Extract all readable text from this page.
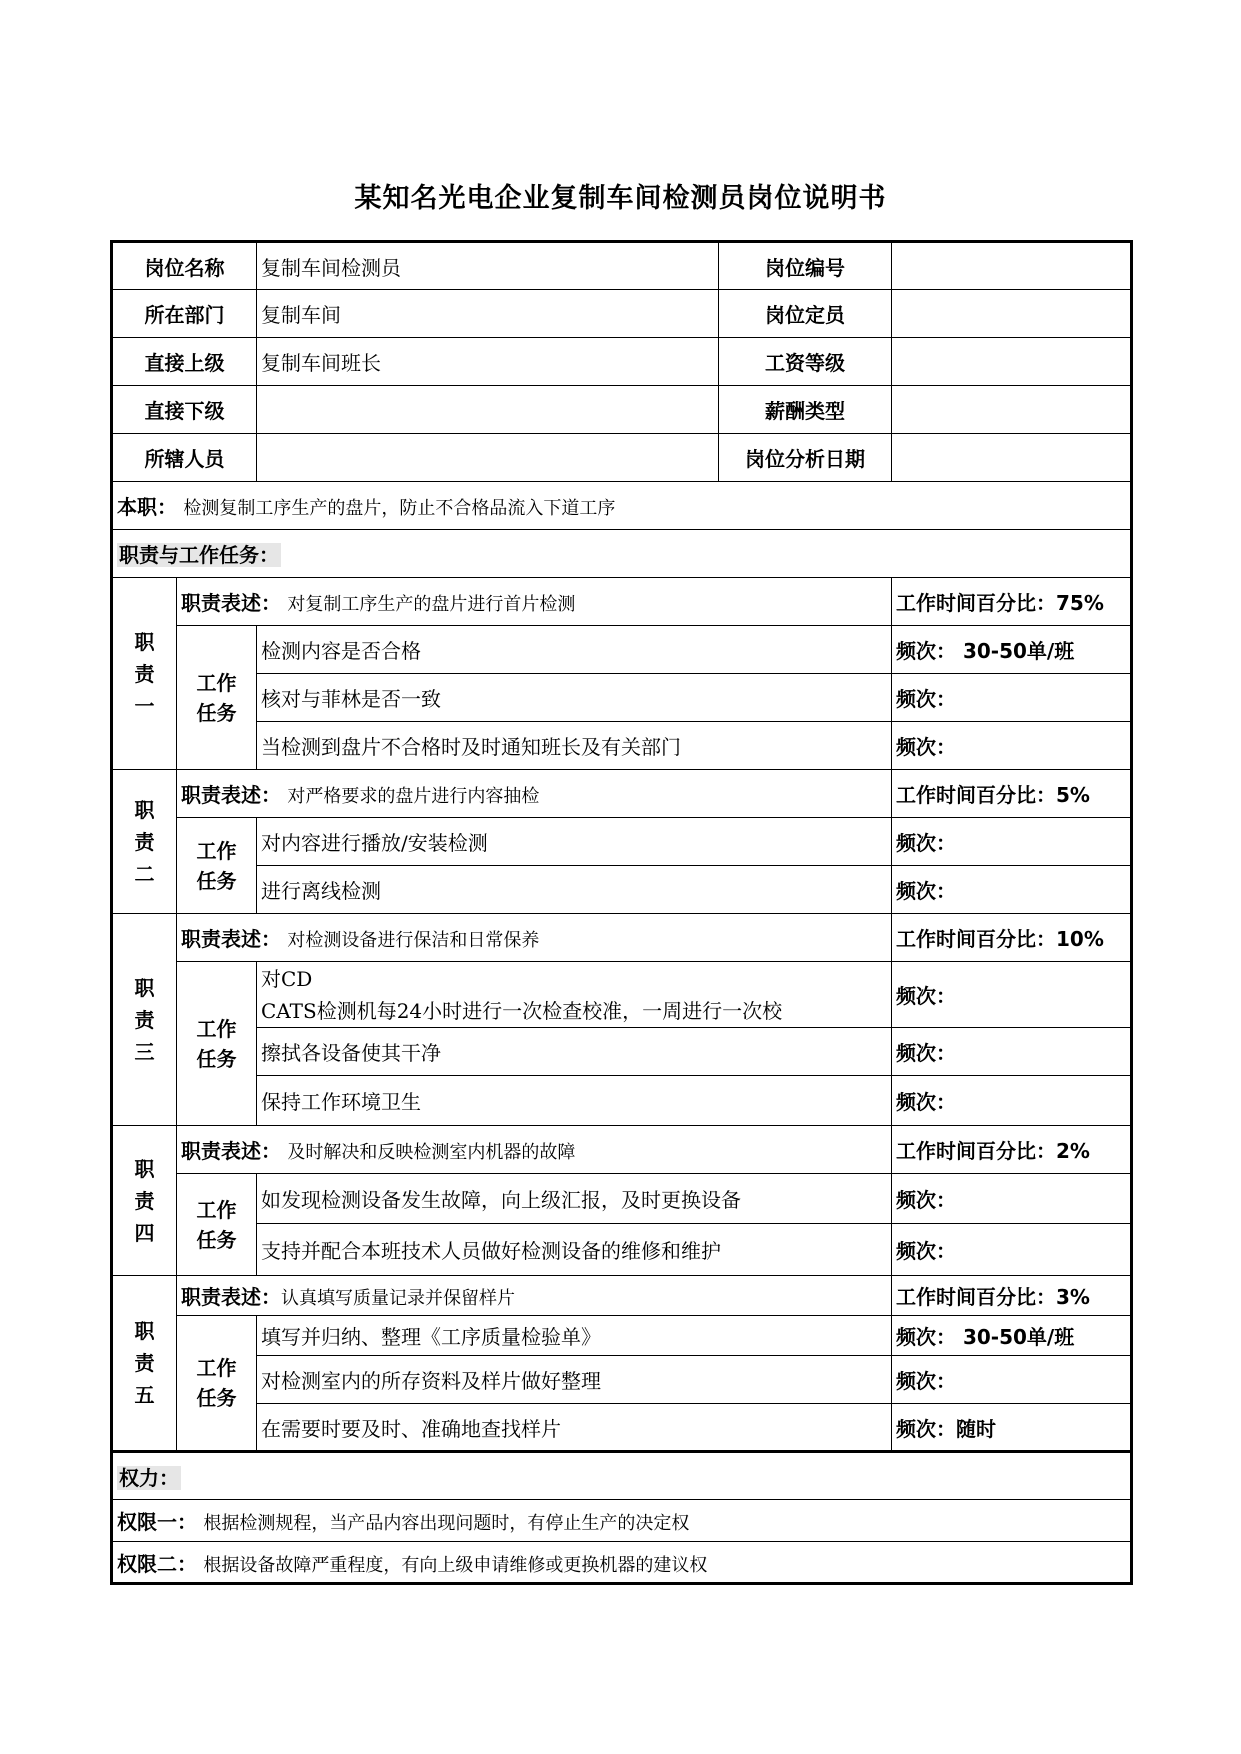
某知名光电企业复制车间检测员岗位说明书
岗位名称		复制车间检测员	岗位编号	
所在部门		复制车间	岗位定员	
直接上级		复制车间班长	工资等级	
直接下级			薪酬类型	
所辖人员			岗位分析日期	
本职： 检测复制工序生产的盘片，防止不合格品流入下道工序				
职责与工作任务：				
职
责
一	职责表述： 对复制工序生产的盘片进行首片检测			工作时间百分比：75%
	工作
任务	检测内容是否合格		频次： 30-50单/班
		核对与菲林是否一致		频次：
		当检测到盘片不合格时及时通知班长及有关部门		频次：
职
责
二	职责表述： 对严格要求的盘片进行内容抽检			工作时间百分比：5%
	工作
任务	对内容进行播放/安装检测		频次：
		进行离线检测		频次：
职
责
三	职责表述： 对检测设备进行保洁和日常保养			工作时间百分比：10%
	工作
任务	对CD
CATS检测机每24小时进行一次检查校准，一周进行一次校		频次：
		擦拭各设备使其干净		频次：
		保持工作环境卫生		频次：
职
责
四	职责表述： 及时解决和反映检测室内机器的故障			工作时间百分比：2%
	工作
任务	如发现检测设备发生故障，向上级汇报，及时更换设备		频次：
		支持并配合本班技术人员做好检测设备的维修和维护		频次：
职
责
五	职责表述：认真填写质量记录并保留样片			工作时间百分比：3%
	工作
任务	填写并归纳、整理《工序质量检验单》		频次： 30-50单/班
		对检测室内的所存资料及样片做好整理		频次：
		在需要时要及时、准确地查找样片		频次：随时
权力：				
权限一： 根据检测规程，当产品内容出现问题时，有停止生产的决定权				
权限二： 根据设备故障严重程度，有向上级申请维修或更换机器的建议权				
